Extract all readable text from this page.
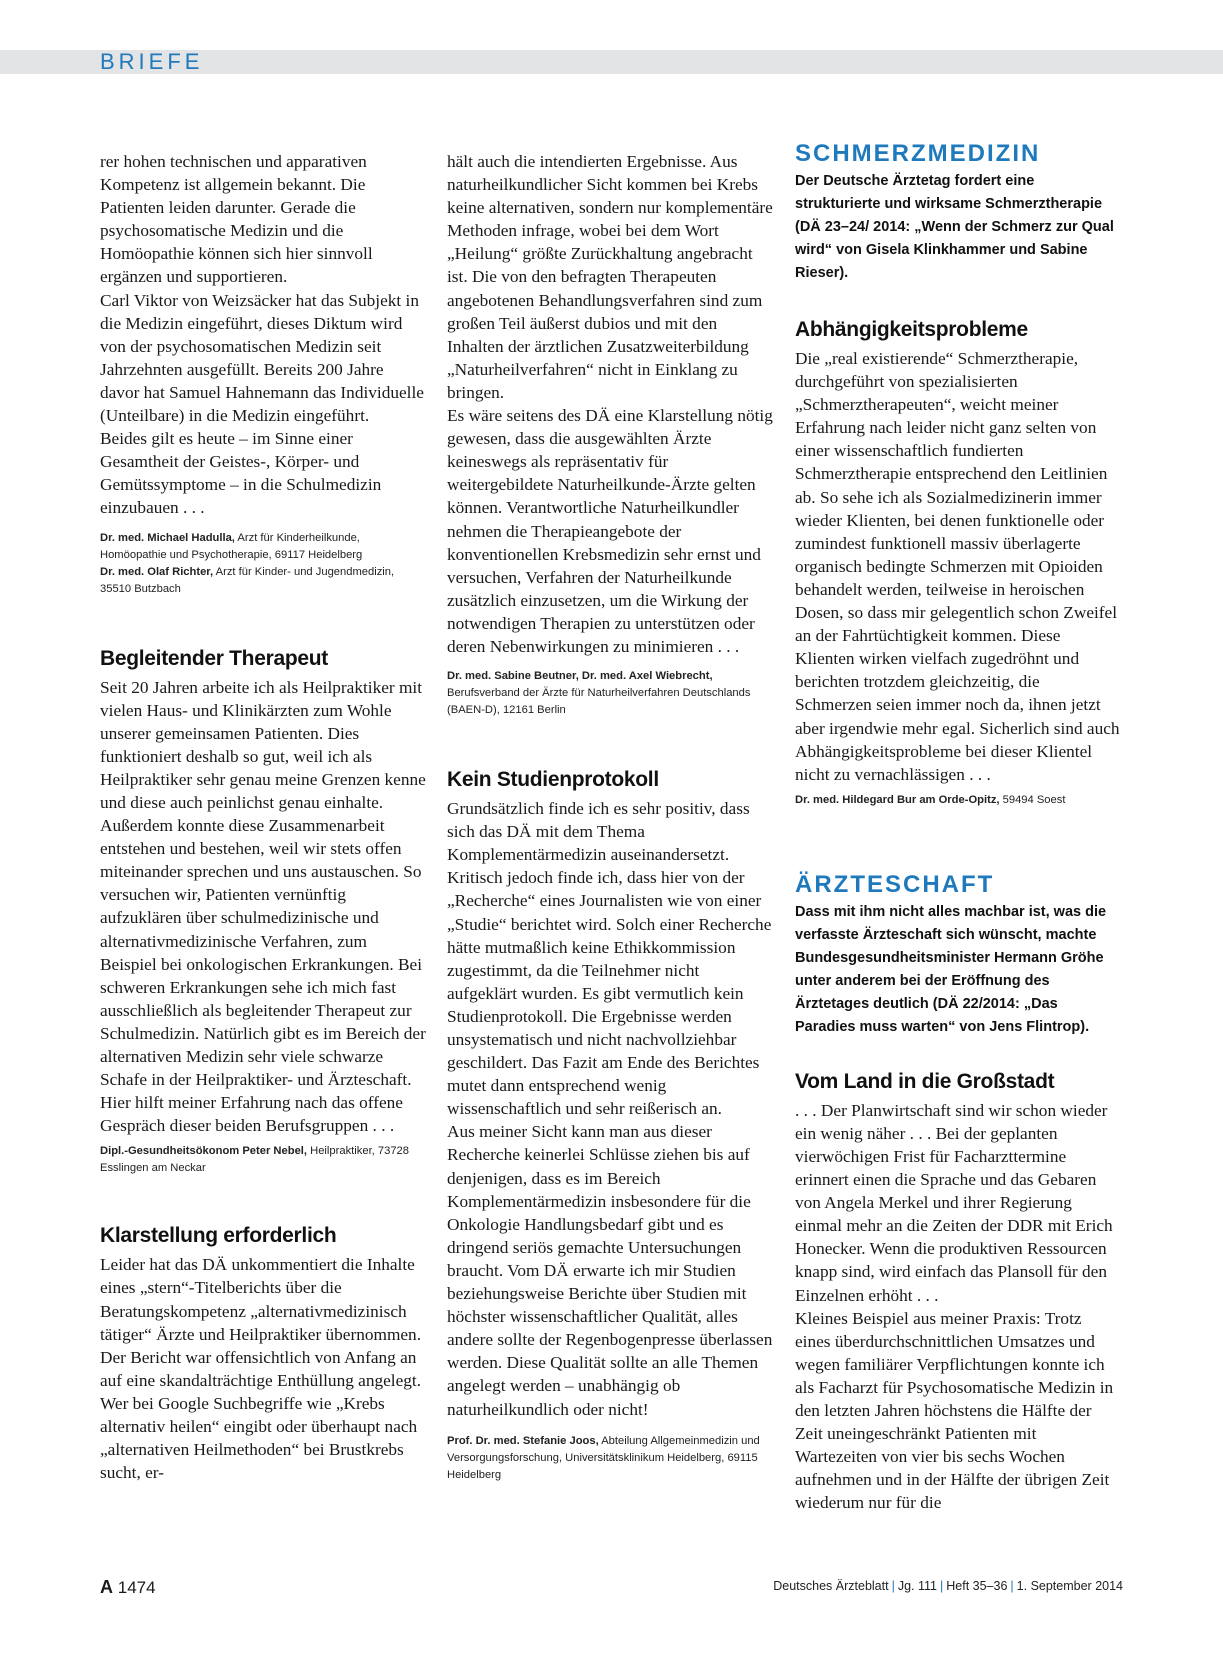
BRIEFE

rer hohen technischen und apparativen Kompetenz ist allgemein bekannt. Die Patienten leiden darunter. Gerade die psychosomatische Medizin und die Homöopathie können sich hier sinnvoll ergänzen und supportieren.

Carl Viktor von Weizsäcker hat das Subjekt in die Medizin eingeführt, dieses Diktum wird von der psychosomatischen Medizin seit Jahrzehnten ausgefüllt. Bereits 200 Jahre davor hat Samuel Hahnemann das Individuelle (Unteilbare) in die Medizin eingeführt.

Beides gilt es heute – im Sinne einer Gesamtheit der Geistes-, Körper- und Gemütssymptome – in die Schulmedizin einzubauen . . .

Dr. med. Michael Hadulla, Arzt für Kinderheilkunde, Homöopathie und Psychotherapie, 69117 Heidelberg
Dr. med. Olaf Richter, Arzt für Kinder- und Jugendmedizin, 35510 Butzbach
Begleitender Therapeut

Seit 20 Jahren arbeite ich als Heilpraktiker mit vielen Haus- und Klinikärzten zum Wohle unserer gemeinsamen Patienten. Dies funktioniert deshalb so gut, weil ich als Heilpraktiker sehr genau meine Grenzen kenne und diese auch peinlichst genau einhalte. Außerdem konnte diese Zusammenarbeit entstehen und bestehen, weil wir stets offen miteinander sprechen und uns austauschen. So versuchen wir, Patienten vernünftig aufzuklären über schulmedizinische und alternativmedizinische Verfahren, zum Beispiel bei onkologischen Erkrankungen. Bei schweren Erkrankungen sehe ich mich fast ausschließlich als begleitender Therapeut zur Schulmedizin. Natürlich gibt es im Bereich der alternativen Medizin sehr viele schwarze Schafe in der Heilpraktiker- und Ärzteschaft. Hier hilft meiner Erfahrung nach das offene Gespräch dieser beiden Berufsgruppen . . .

Dipl.-Gesundheitsökonom Peter Nebel, Heilpraktiker, 73728 Esslingen am Neckar
Klarstellung erforderlich

Leider hat das DÄ unkommentiert die Inhalte eines „stern“-Titelberichts über die Beratungskompetenz „alternativmedizinisch tätiger“ Ärzte und Heilpraktiker übernommen. Der Bericht war offensichtlich von Anfang an auf eine skandalträchtige Enthüllung angelegt. Wer bei Google Suchbegriffe wie „Krebs alternativ heilen“ eingibt oder überhaupt nach „alternativen Heilmethoden“ bei Brustkrebs sucht, er-

hält auch die intendierten Ergebnisse. Aus naturheilkundlicher Sicht kommen bei Krebs keine alternativen, sondern nur komplementäre Methoden infrage, wobei bei dem Wort „Heilung“ größte Zurückhaltung angebracht ist. Die von den befragten Therapeuten angebotenen Behandlungsverfahren sind zum großen Teil äußerst dubios und mit den Inhalten der ärztlichen Zusatzweiterbildung „Naturheilverfahren“ nicht in Einklang zu bringen.

Es wäre seitens des DÄ eine Klarstellung nötig gewesen, dass die ausgewählten Ärzte keineswegs als repräsentativ für weitergebildete Naturheilkunde-Ärzte gelten können. Verantwortliche Naturheilkundler nehmen die Therapieangebote der konventionellen Krebsmedizin sehr ernst und versuchen, Verfahren der Naturheilkunde zusätzlich einzusetzen, um die Wirkung der notwendigen Therapien zu unterstützen oder deren Nebenwirkungen zu minimieren . . .

Dr. med. Sabine Beutner, Dr. med. Axel Wiebrecht, Berufsverband der Ärzte für Naturheilverfahren Deutschlands (BAEN-D), 12161 Berlin
Kein Studienprotokoll

Grundsätzlich finde ich es sehr positiv, dass sich das DÄ mit dem Thema Komplementärmedizin auseinandersetzt. Kritisch jedoch finde ich, dass hier von der „Recherche“ eines Journalisten wie von einer „Studie“ berichtet wird. Solch einer Recherche hätte mutmaßlich keine Ethikkommission zugestimmt, da die Teilnehmer nicht aufgeklärt wurden. Es gibt vermutlich kein Studienprotokoll. Die Ergebnisse werden unsystematisch und nicht nachvollziehbar geschildert. Das Fazit am Ende des Berichtes mutet dann entsprechend wenig wissenschaftlich und sehr reißerisch an.

Aus meiner Sicht kann man aus dieser Recherche keinerlei Schlüsse ziehen bis auf denjenigen, dass es im Bereich Komplementärmedizin insbesondere für die Onkologie Handlungsbedarf gibt und es dringend seriös gemachte Untersuchungen braucht. Vom DÄ erwarte ich mir Studien beziehungsweise Berichte über Studien mit höchster wissenschaftlicher Qualität, alles andere sollte der Regenbogenpresse überlassen werden. Diese Qualität sollte an alle Themen angelegt werden – unabhängig ob naturheilkundlich oder nicht!

Prof. Dr. med. Stefanie Joos, Abteilung Allgemeinmedizin und Versorgungsforschung, Universitätsklinikum Heidelberg, 69115 Heidelberg
SCHMERZMEDIZIN
Der Deutsche Ärztetag fordert eine strukturierte und wirksame Schmerztherapie (DÄ 23–24/ 2014: „Wenn der Schmerz zur Qual wird“ von Gisela Klinkhammer und Sabine Rieser).
Abhängigkeitsprobleme

Die „real existierende“ Schmerztherapie, durchgeführt von spezialisierten „Schmerztherapeuten“, weicht meiner Erfahrung nach leider nicht ganz selten von einer wissenschaftlich fundierten Schmerztherapie entsprechend den Leitlinien ab. So sehe ich als Sozialmedizinerin immer wieder Klienten, bei denen funktionelle oder zumindest funktionell massiv überlagerte organisch bedingte Schmerzen mit Opioiden behandelt werden, teilweise in heroischen Dosen, so dass mir gelegentlich schon Zweifel an der Fahrtüchtigkeit kommen. Diese Klienten wirken vielfach zugedröhnt und berichten trotzdem gleichzeitig, die Schmerzen seien immer noch da, ihnen jetzt aber irgendwie mehr egal. Sicherlich sind auch Abhängigkeitsprobleme bei dieser Klientel nicht zu vernachlässigen . . .

Dr. med. Hildegard Bur am Orde-Opitz, 59494 Soest
ÄRZTESCHAFT
Dass mit ihm nicht alles machbar ist, was die verfasste Ärzteschaft sich wünscht, machte Bundesgesundheitsminister Hermann Gröhe unter anderem bei der Eröffnung des Ärztetages deutlich (DÄ 22/2014: „Das Paradies muss warten“ von Jens Flintrop).
Vom Land in die Großstadt

. . . Der Planwirtschaft sind wir schon wieder ein wenig näher . . . Bei der geplanten vierwöchigen Frist für Facharzttermine erinnert einen die Sprache und das Gebaren von Angela Merkel und ihrer Regierung einmal mehr an die Zeiten der DDR mit Erich Honecker. Wenn die produktiven Ressourcen knapp sind, wird einfach das Plansoll für den Einzelnen erhöht . . .

Kleines Beispiel aus meiner Praxis: Trotz eines überdurchschnittlichen Umsatzes und wegen familiärer Verpflichtungen konnte ich als Facharzt für Psychosomatische Medizin in den letzten Jahren höchstens die Hälfte der Zeit uneingeschränkt Patienten mit Wartezeiten von vier bis sechs Wochen aufnehmen und in der Hälfte der übrigen Zeit wiederum nur für die

A 1474	Deutsches Ärzteblatt | Jg. 111 | Heft 35–36 | 1. September 2014
